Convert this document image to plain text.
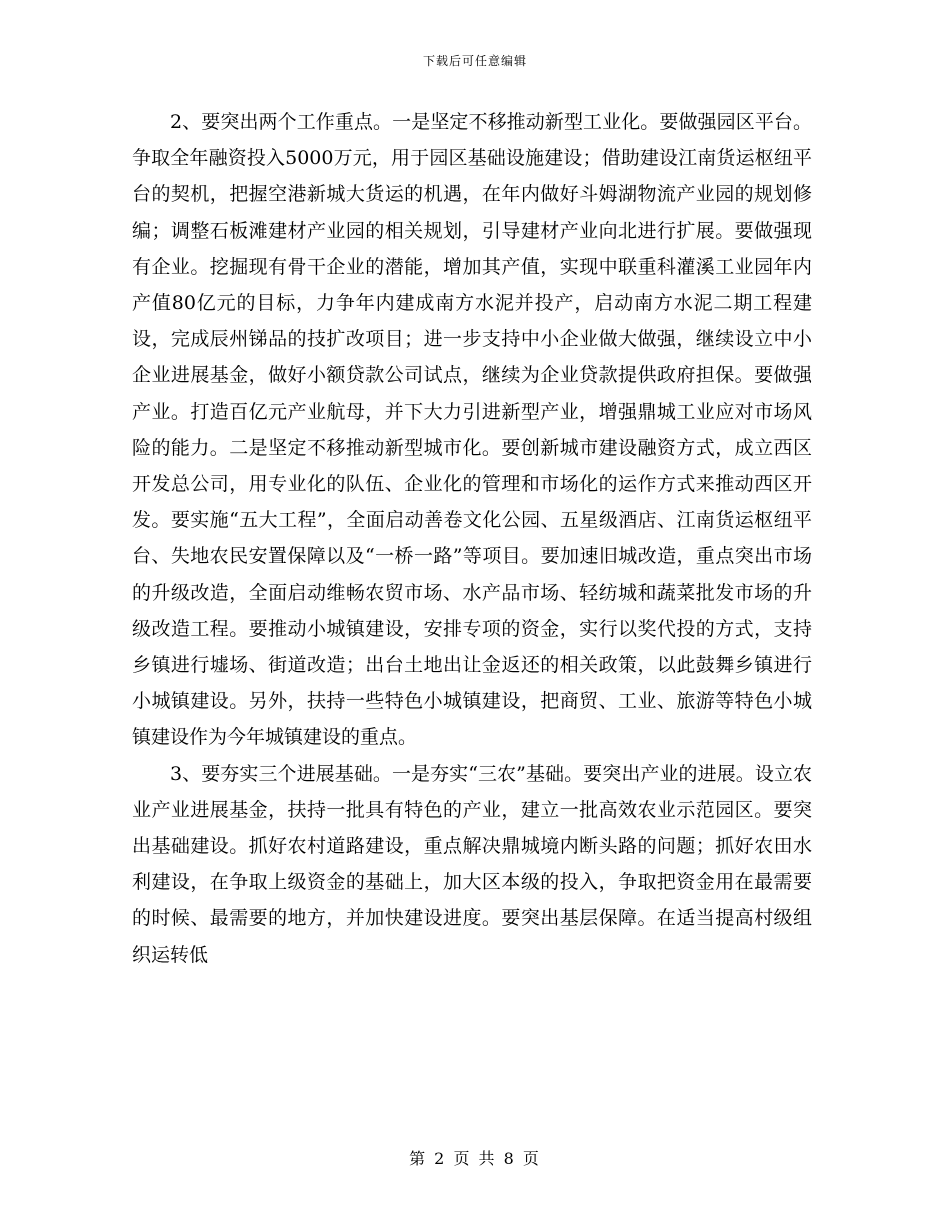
下载后可任意编辑

2、要突出两个工作重点。一是坚定不移推动新型工业化。要做强园区平台。争取全年融资投入5000万元，用于园区基础设施建设；借助建设江南货运枢纽平台的契机，把握空港新城大货运的机遇，在年内做好斗姆湖物流产业园的规划修编；调整石板滩建材产业园的相关规划，引导建材产业向北进行扩展。要做强现有企业。挖掘现有骨干企业的潜能，增加其产值，实现中联重科灌溪工业园年内产值80亿元的目标，力争年内建成南方水泥并投产，启动南方水泥二期工程建设，完成辰州锑品的技扩改项目；进一步支持中小企业做大做强，继续设立中小企业进展基金，做好小额贷款公司试点，继续为企业贷款提供政府担保。要做强产业。打造百亿元产业航母，并下大力引进新型产业，增强鼎城工业应对市场风险的能力。二是坚定不移推动新型城市化。要创新城市建设融资方式，成立西区开发总公司，用专业化的队伍、企业化的管理和市场化的运作方式来推动西区开发。要实施“五大工程”，全面启动善卷文化公园、五星级酒店、江南货运枢纽平台、失地农民安置保障以及“一桥一路”等项目。要加速旧城改造，重点突出市场的升级改造，全面启动维畅农贸市场、水产品市场、轻纺城和蔬菜批发市场的升级改造工程。要推动小城镇建设，安排专项的资金，实行以奖代投的方式，支持乡镇进行墟场、街道改造；出台土地出让金返还的相关政策，以此鼓舞乡镇进行小城镇建设。另外，扶持一些特色小城镇建设，把商贸、工业、旅游等特色小城镇建设作为今年城镇建设的重点。

3、要夯实三个进展基础。一是夯实“三农”基础。要突出产业的进展。设立农业产业进展基金，扶持一批具有特色的产业，建立一批高效农业示范园区。要突出基础建设。抓好农村道路建设，重点解决鼎城境内断头路的问题；抓好农田水利建设，在争取上级资金的基础上，加大区本级的投入，争取把资金用在最需要的时候、最需要的地方，并加快建设进度。要突出基层保障。在适当提高村级组织运转低

第 2 页 共 8 页
